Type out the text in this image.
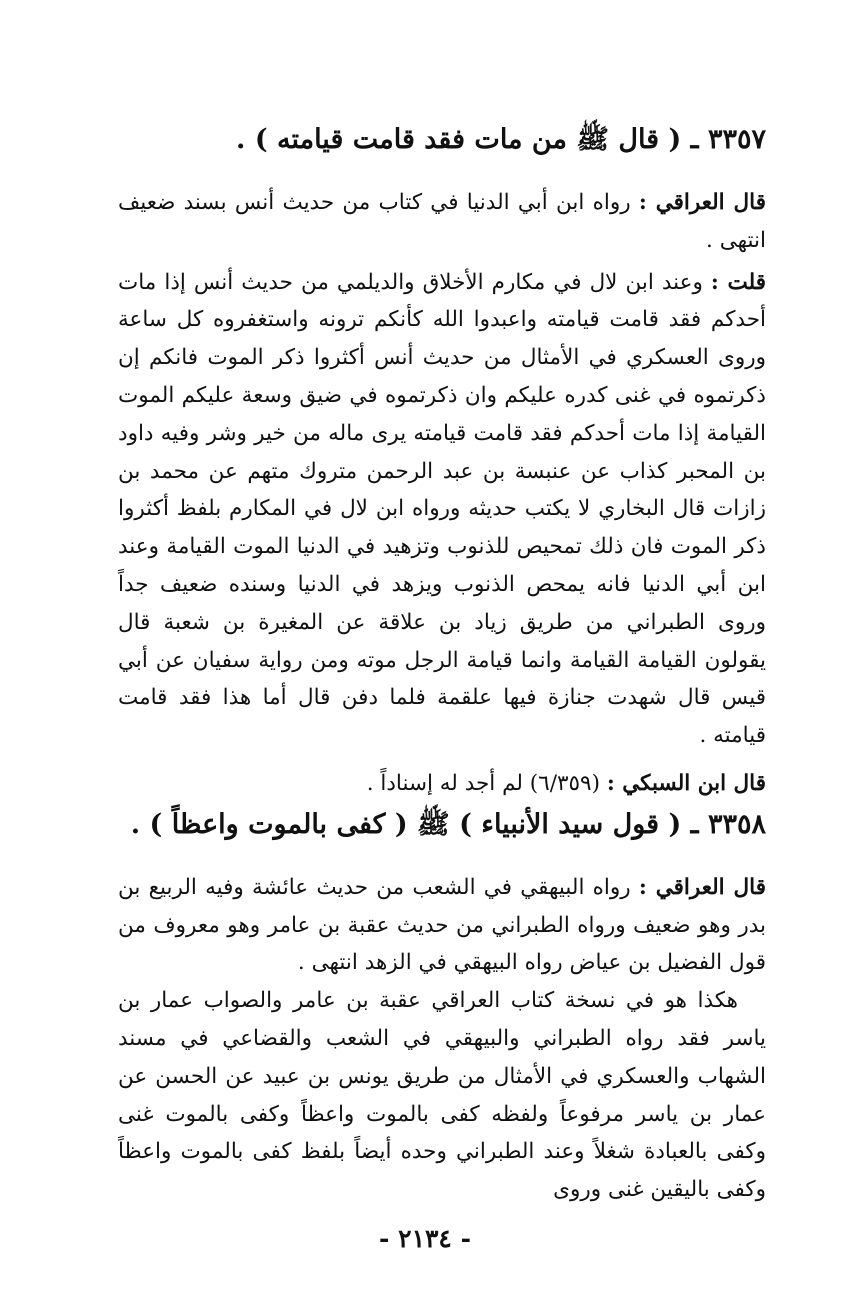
٣٣٥٧ ـ ( قال ﷺ من مات فقد قامت قيامته ) .

قال العراقي : رواه ابن أبي الدنيا في كتاب من حديث أنس بسند ضعيف انتهى .

قلت : وعند ابن لال في مكارم الأخلاق والديلمي من حديث أنس إذا مات أحدكم فقد قامت قيامته واعبدوا الله كأنكم ترونه واستغفروه كل ساعة وروى العسكري في الأمثال من حديث أنس أكثروا ذكر الموت فانكم إن ذكرتموه في غنى كدره عليكم وان ذكرتموه في ضيق وسعة عليكم الموت القيامة إذا مات أحدكم فقد قامت قيامته يرى ماله من خير وشر وفيه داود بن المحبر كذاب عن عنبسة بن عبد الرحمن متروك متهم عن محمد بن زازات قال البخاري لا يكتب حديثه ورواه ابن لال في المكارم بلفظ أكثروا ذكر الموت فان ذلك تمحيص للذنوب وتزهيد في الدنيا الموت القيامة وعند ابن أبي الدنيا فانه يمحص الذنوب ويزهد في الدنيا وسنده ضعيف جداً وروى الطبراني من طريق زياد بن علاقة عن المغيرة بن شعبة قال يقولون القيامة القيامة وانما قيامة الرجل موته ومن رواية سفيان عن أبي قيس قال شهدت جنازة فيها علقمة فلما دفن قال أما هذا فقد قامت قيامته .

قال ابن السبكي : (٦/٣٥٩) لم أجد له إسناداً .

٣٣٥٨ ـ ( قول سيد الأنبياء ) ﷺ ( كفى بالموت واعظاً ) .

قال العراقي : رواه البيهقي في الشعب من حديث عائشة وفيه الربيع بن بدر وهو ضعيف ورواه الطبراني من حديث عقبة بن عامر وهو معروف من قول الفضيل بن عياض رواه البيهقي في الزهد انتهى .

هكذا هو في نسخة كتاب العراقي عقبة بن عامر والصواب عمار بن ياسر فقد رواه الطبراني والبيهقي في الشعب والقضاعي في مسند الشهاب والعسكري في الأمثال من طريق يونس بن عبيد عن الحسن عن عمار بن ياسر مرفوعاً ولفظه كفى بالموت واعظاً وكفى بالموت غنى وكفى بالعبادة شغلاً وعند الطبراني وحده أيضاً بلفظ كفى بالموت واعظاً وكفى باليقين غنى وروى

- ٢١٣٤ -
